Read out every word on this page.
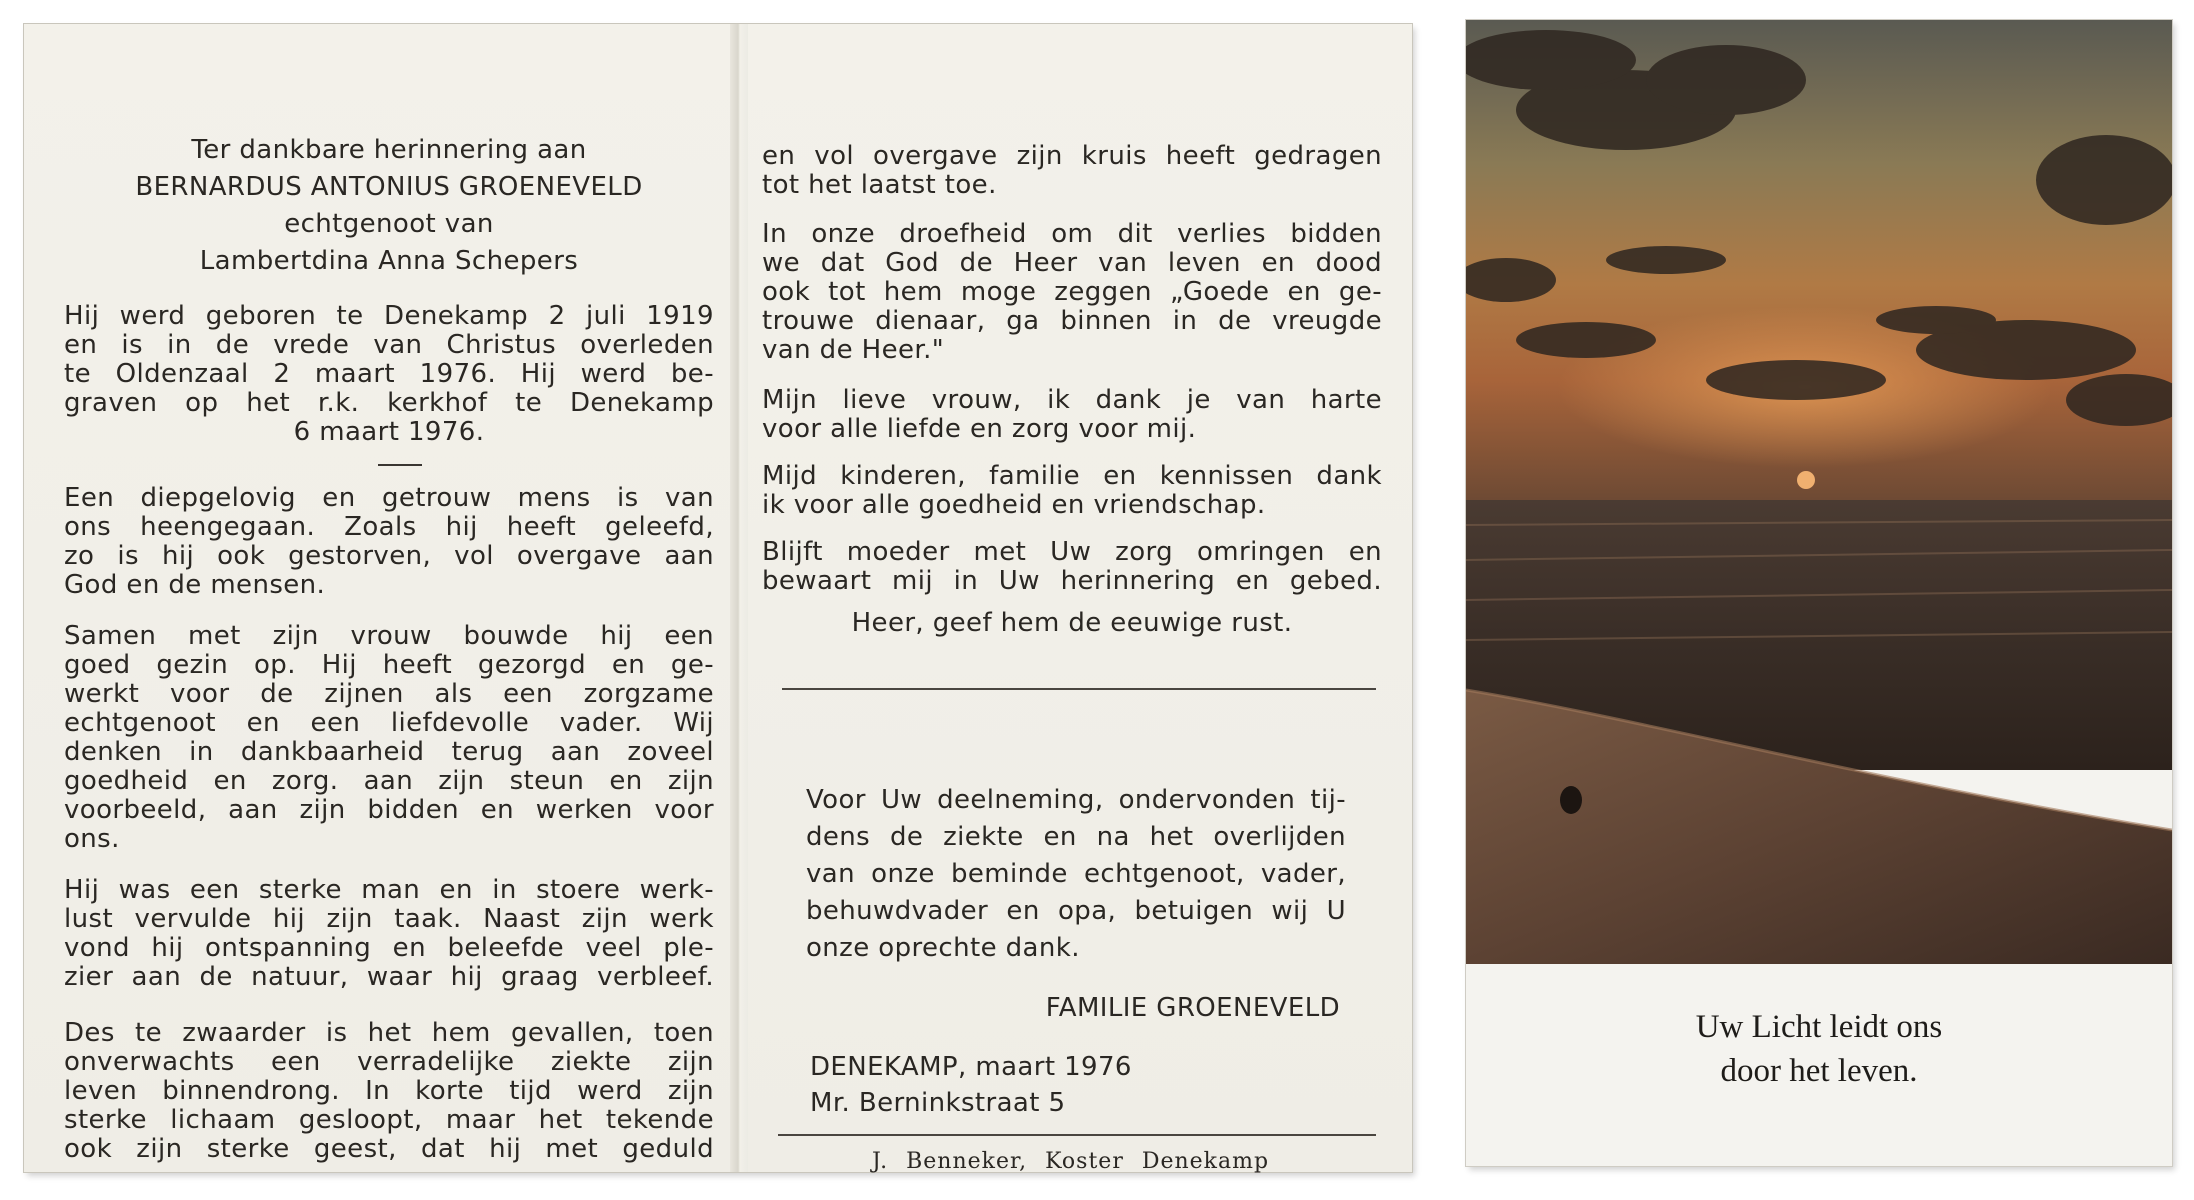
Ter dankbare herinnering aan
BERNARDUS ANTONIUS GROENEVELD
echtgenoot van
Lambertdina Anna Schepers
Hij werd geboren te Denekamp 2 juli 1919
en is in de vrede van Christus overleden
te Oldenzaal 2 maart 1976. Hij werd be-
graven op het r.k. kerkhof te Denekamp
6 maart 1976.
Een diepgelovig en getrouw mens is van
ons heengegaan. Zoals hij heeft geleefd,
zo is hij ook gestorven, vol overgave aan
God en de mensen.
Samen met zijn vrouw bouwde hij een
goed gezin op. Hij heeft gezorgd en ge-
werkt voor de zijnen als een zorgzame
echtgenoot en een liefdevolle vader. Wij
denken in dankbaarheid terug aan zoveel
goedheid en zorg. aan zijn steun en zijn
voorbeeld, aan zijn bidden en werken voor
ons.
Hij was een sterke man en in stoere werk-
lust vervulde hij zijn taak. Naast zijn werk
vond hij ontspanning en beleefde veel ple-
zier aan de natuur, waar hij graag verbleef.
Des te zwaarder is het hem gevallen, toen
onverwachts een verradelijke ziekte zijn
leven binnendrong. In korte tijd werd zijn
sterke lichaam gesloopt, maar het tekende
ook zijn sterke geest, dat hij met geduld
en vol overgave zijn kruis heeft gedragen
tot het laatst toe.
In onze droefheid om dit verlies bidden
we dat God de Heer van leven en dood
ook tot hem moge zeggen „Goede en ge-
trouwe dienaar, ga binnen in de vreugde
van de Heer."
Mijn lieve vrouw, ik dank je van harte
voor alle liefde en zorg voor mij.
Mijd kinderen, familie en kennissen dank
ik voor alle goedheid en vriendschap.
Blijft moeder met Uw zorg omringen en
bewaart mij in Uw herinnering en gebed.
Heer, geef hem de eeuwige rust.
Voor Uw deelneming, ondervonden tij-
dens de ziekte en na het overlijden
van onze beminde echtgenoot, vader,
behuwdvader en opa, betuigen wij U
onze oprechte dank.
FAMILIE GROENEVELD
DENEKAMP, maart 1976
Mr. Berninkstraat 5
J. Benneker, Koster Denekamp
Uw Licht leidt ons
door het leven.
